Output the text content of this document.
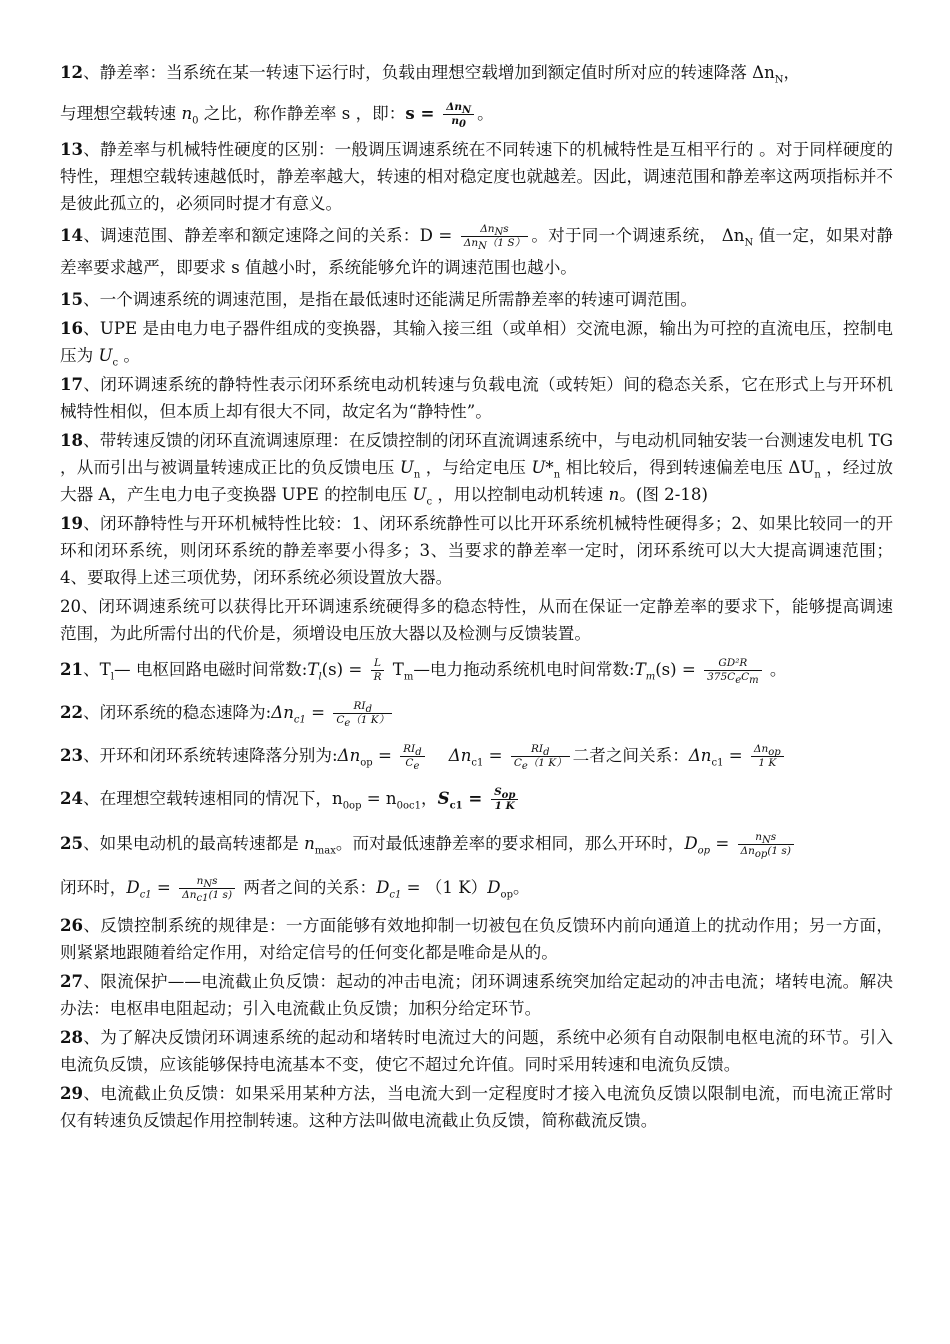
12、静差率：当系统在某一转速下运行时，负载由理想空载增加到额定值时所对应的转速降落 $\Delta n_N$，
与理想空载转速 $n_0$ 之比，称作静差率 s ，即：$s = \frac{\Delta n_N}{n_0}$ 。

13、静差率与机械特性硬度的区别：一般调压调速系统在不同转速下的机械特性是互相平行的 。对于同样硬度的特性，理想空载转速越低时，静差率越大，转速的相对稳定度也就越差。因此，调速范围和静差率这两项指标并不是彼此孤立的，必须同时提才有意义。

14、调速范围、静差率和额定速降之间的关系：$D = \frac{\Delta n_Ns}{\Delta n_N(1 S)}$ 。对于同一个调速系统， $\Delta n_N$ 值一定，如果对静差率要求越严，即要求 s 值越小时，系统能够允许的调速范围也越小。

15、一个调速系统的调速范围，是指在最低速时还能满足所需静差率的转速可调范围。

16、UPE 是由电力电子器件组成的变换器，其输入接三组（或单相）交流电源，输出为可控的直流电压，控制电压为 $U_c$ 。

17、闭环调速系统的静特性表示闭环系统电动机转速与负载电流（或转矩）间的稳态关系，它在形式上与开环机械特性相似，但本质上却有很大不同，故定名为“静特性”。

18、带转速反馈的闭环直流调速原理：在反馈控制的闭环直流调速系统中，与电动机同轴安装一台测速发电机 TG ，从而引出与被调量转速成正比的负反馈电压 $U_n$ ，与给定电压 $U*_n$ 相比较后，得到转速偏差电压 $\Delta U_n$ ，经过放大器 A，产生电力电子变换器 UPE 的控制电压 $U_c$ ，用以控制电动机转速 n。(图 2-18)

19、闭环静特性与开环机械特性比较：1、闭环系统静性可以比开环系统机械特性硬得多；2、如果比较同一的开环和闭环系统，则闭环系统的静差率要小得多；3、当要求的静差率一定时，闭环系统可以大大提高调速范围；4、要取得上述三项优势，闭环系统必须设置放大器。

20、闭环调速系统可以获得比开环调速系统硬得多的稳态特性，从而在保证一定静差率的要求下，能够提高调速范围，为此所需付出的代价是，须增设电压放大器以及检测与反馈装置。

21、$T_l—$ 电枢回路电磁时间常数$:T_l(s) = \frac{L}{R}$ $T_m—$电力拖动系统机电时间常数$:T_m(s) = \frac{\text{GD²R}}{375C_eC_m}$ 。

22、闭环系统的稳态速降为$:\Delta n_{c1} = \frac{RI_d}{C_e(1 K)}$

23、开环和闭环系统转速降落分别为$:\Delta n_{op} = \frac{RI_d}{C_e} \Delta n_{c1} = \frac{RI_d}{C_e(1 K)}$ 二者之间关系：$\Delta n_{c1} = \frac{\Delta n_{op}}{1 K}$

24、在理想空载转速相同的情况下，$n_{0op} = n_{0oc1}$，$S_{c1} = \frac{S_{op}}{1 K}$

25、如果电动机的最高转速都是 $n_{max}$。而对最低速静差率的要求相同，那么开环时，$D_{op} = \frac{n_Ns}{\Delta n_{op}(1 s)}$

闭环时，$D_{c1} = \frac{n_Ns}{\Delta n_{c1}(1 s)}$ 两者之间的关系：$D_{c1} = (1$ $K)D_{op}$。

26、反馈控制系统的规律是：一方面能够有效地抑制一切被包在负反馈环内前向通道上的扰动作用；另一方面，则紧紧地跟随着给定作用，对给定信号的任何变化都是唯命是从的。

27、限流保护——电流截止负反馈：起动的冲击电流；闭环调速系统突加给定起动的冲击电流；堵转电流。解决办法：电枢串电阻起动；引入电流截止负反馈；加积分给定环节。

28、为了解决反馈闭环调速系统的起动和堵转时电流过大的问题，系统中必须有自动限制电枢电流的环节。引入电流负反馈，应该能够保持电流基本不变，使它不超过允许值。同时采用转速和电流负反馈。

29、电流截止负反馈：如果采用某种方法，当电流大到一定程度时才接入电流负反馈以限制电流，而电流正常时仅有转速负反馈起作用控制转速。这种方法叫做电流截止负反馈，简称截流反馈。
